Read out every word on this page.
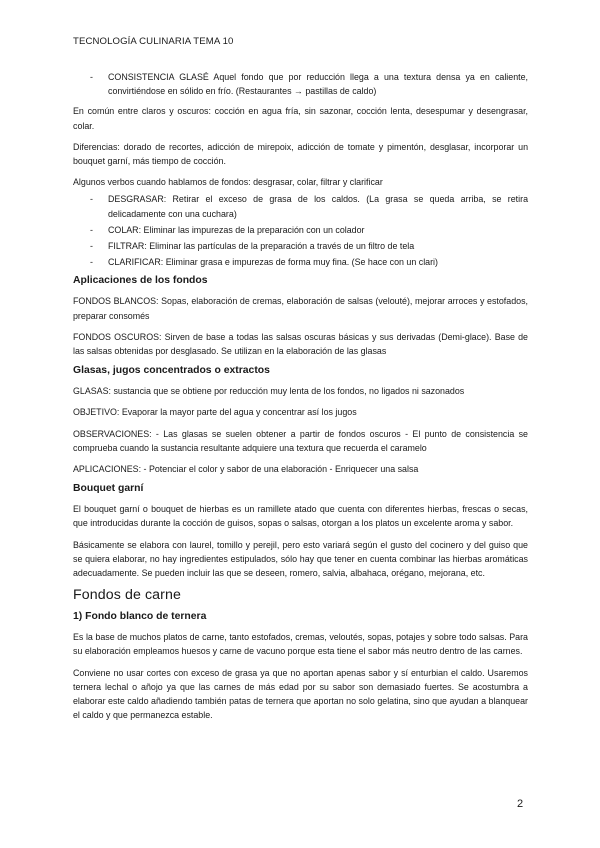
TECNOLOGÍA CULINARIA TEMA 10
- CONSISTENCIA GLASÉ Aquel fondo que por reducción llega a una textura densa ya en caliente, convirtiéndose en sólido en frío. (Restaurantes → pastillas de caldo)

En común entre claros y oscuros: cocción en agua fría, sin sazonar, cocción lenta, desespumar y desengrasar, colar.

Diferencias: dorado de recortes, adicción de mirepoix, adicción de tomate y pimentón, desglasar, incorporar un bouquet garní, más tiempo de cocción.

Algunos verbos cuando hablamos de fondos: desgrasar, colar, filtrar y clarificar

- DESGRASAR: Retirar el exceso de grasa de los caldos. (La grasa se queda arriba, se retira delicadamente con una cuchara)
- COLAR: Eliminar las impurezas de la preparación con un colador
- FILTRAR: Eliminar las partículas de la preparación a través de un filtro de tela
- CLARIFICAR: Eliminar grasa e impurezas de forma muy fina. (Se hace con un clari)
Aplicaciones de los fondos

FONDOS BLANCOS: Sopas, elaboración de cremas, elaboración de salsas (velouté), mejorar arroces y estofados, preparar consomés

FONDOS OSCUROS: Sirven de base a todas las salsas oscuras básicas y sus derivadas (Demi-glace). Base de las salsas obtenidas por desglasado. Se utilizan en la elaboración de las glasas

Glasas, jugos concentrados o extractos

GLASAS: sustancia que se obtiene por reducción muy lenta de los fondos, no ligados ni sazonados

OBJETIVO: Evaporar la mayor parte del agua y concentrar así los jugos

OBSERVACIONES: - Las glasas se suelen obtener a partir de fondos oscuros - El punto de consistencia se comprueba cuando la sustancia resultante adquiere una textura que recuerda el caramelo

APLICACIONES: - Potenciar el color y sabor de una elaboración - Enriquecer una salsa

Bouquet garní

El bouquet garní o bouquet de hierbas es un ramillete atado que cuenta con diferentes hierbas, frescas o secas, que introducidas durante la cocción de guisos, sopas o salsas, otorgan a los platos un excelente aroma y sabor.

Básicamente se elabora con laurel, tomillo y perejil, pero esto variará según el gusto del cocinero y del guiso que se quiera elaborar, no hay ingredientes estipulados, sólo hay que tener en cuenta combinar las hierbas aromáticas adecuadamente. Se pueden incluir las que se deseen, romero, salvia, albahaca, orégano, mejorana, etc.

Fondos de carne
1) Fondo blanco de ternera

Es la base de muchos platos de carne, tanto estofados, cremas, veloutés, sopas, potajes y sobre todo salsas. Para su elaboración empleamos huesos y carne de vacuno porque esta tiene el sabor más neutro dentro de las carnes.

Conviene no usar cortes con exceso de grasa ya que no aportan apenas sabor y sí enturbian el caldo. Usaremos ternera lechal o añojo ya que las carnes de más edad por su sabor son demasiado fuertes. Se acostumbra a elaborar este caldo añadiendo también patas de ternera que aportan no solo gelatina, sino que ayudan a blanquear el caldo y que permanezca estable.

2
